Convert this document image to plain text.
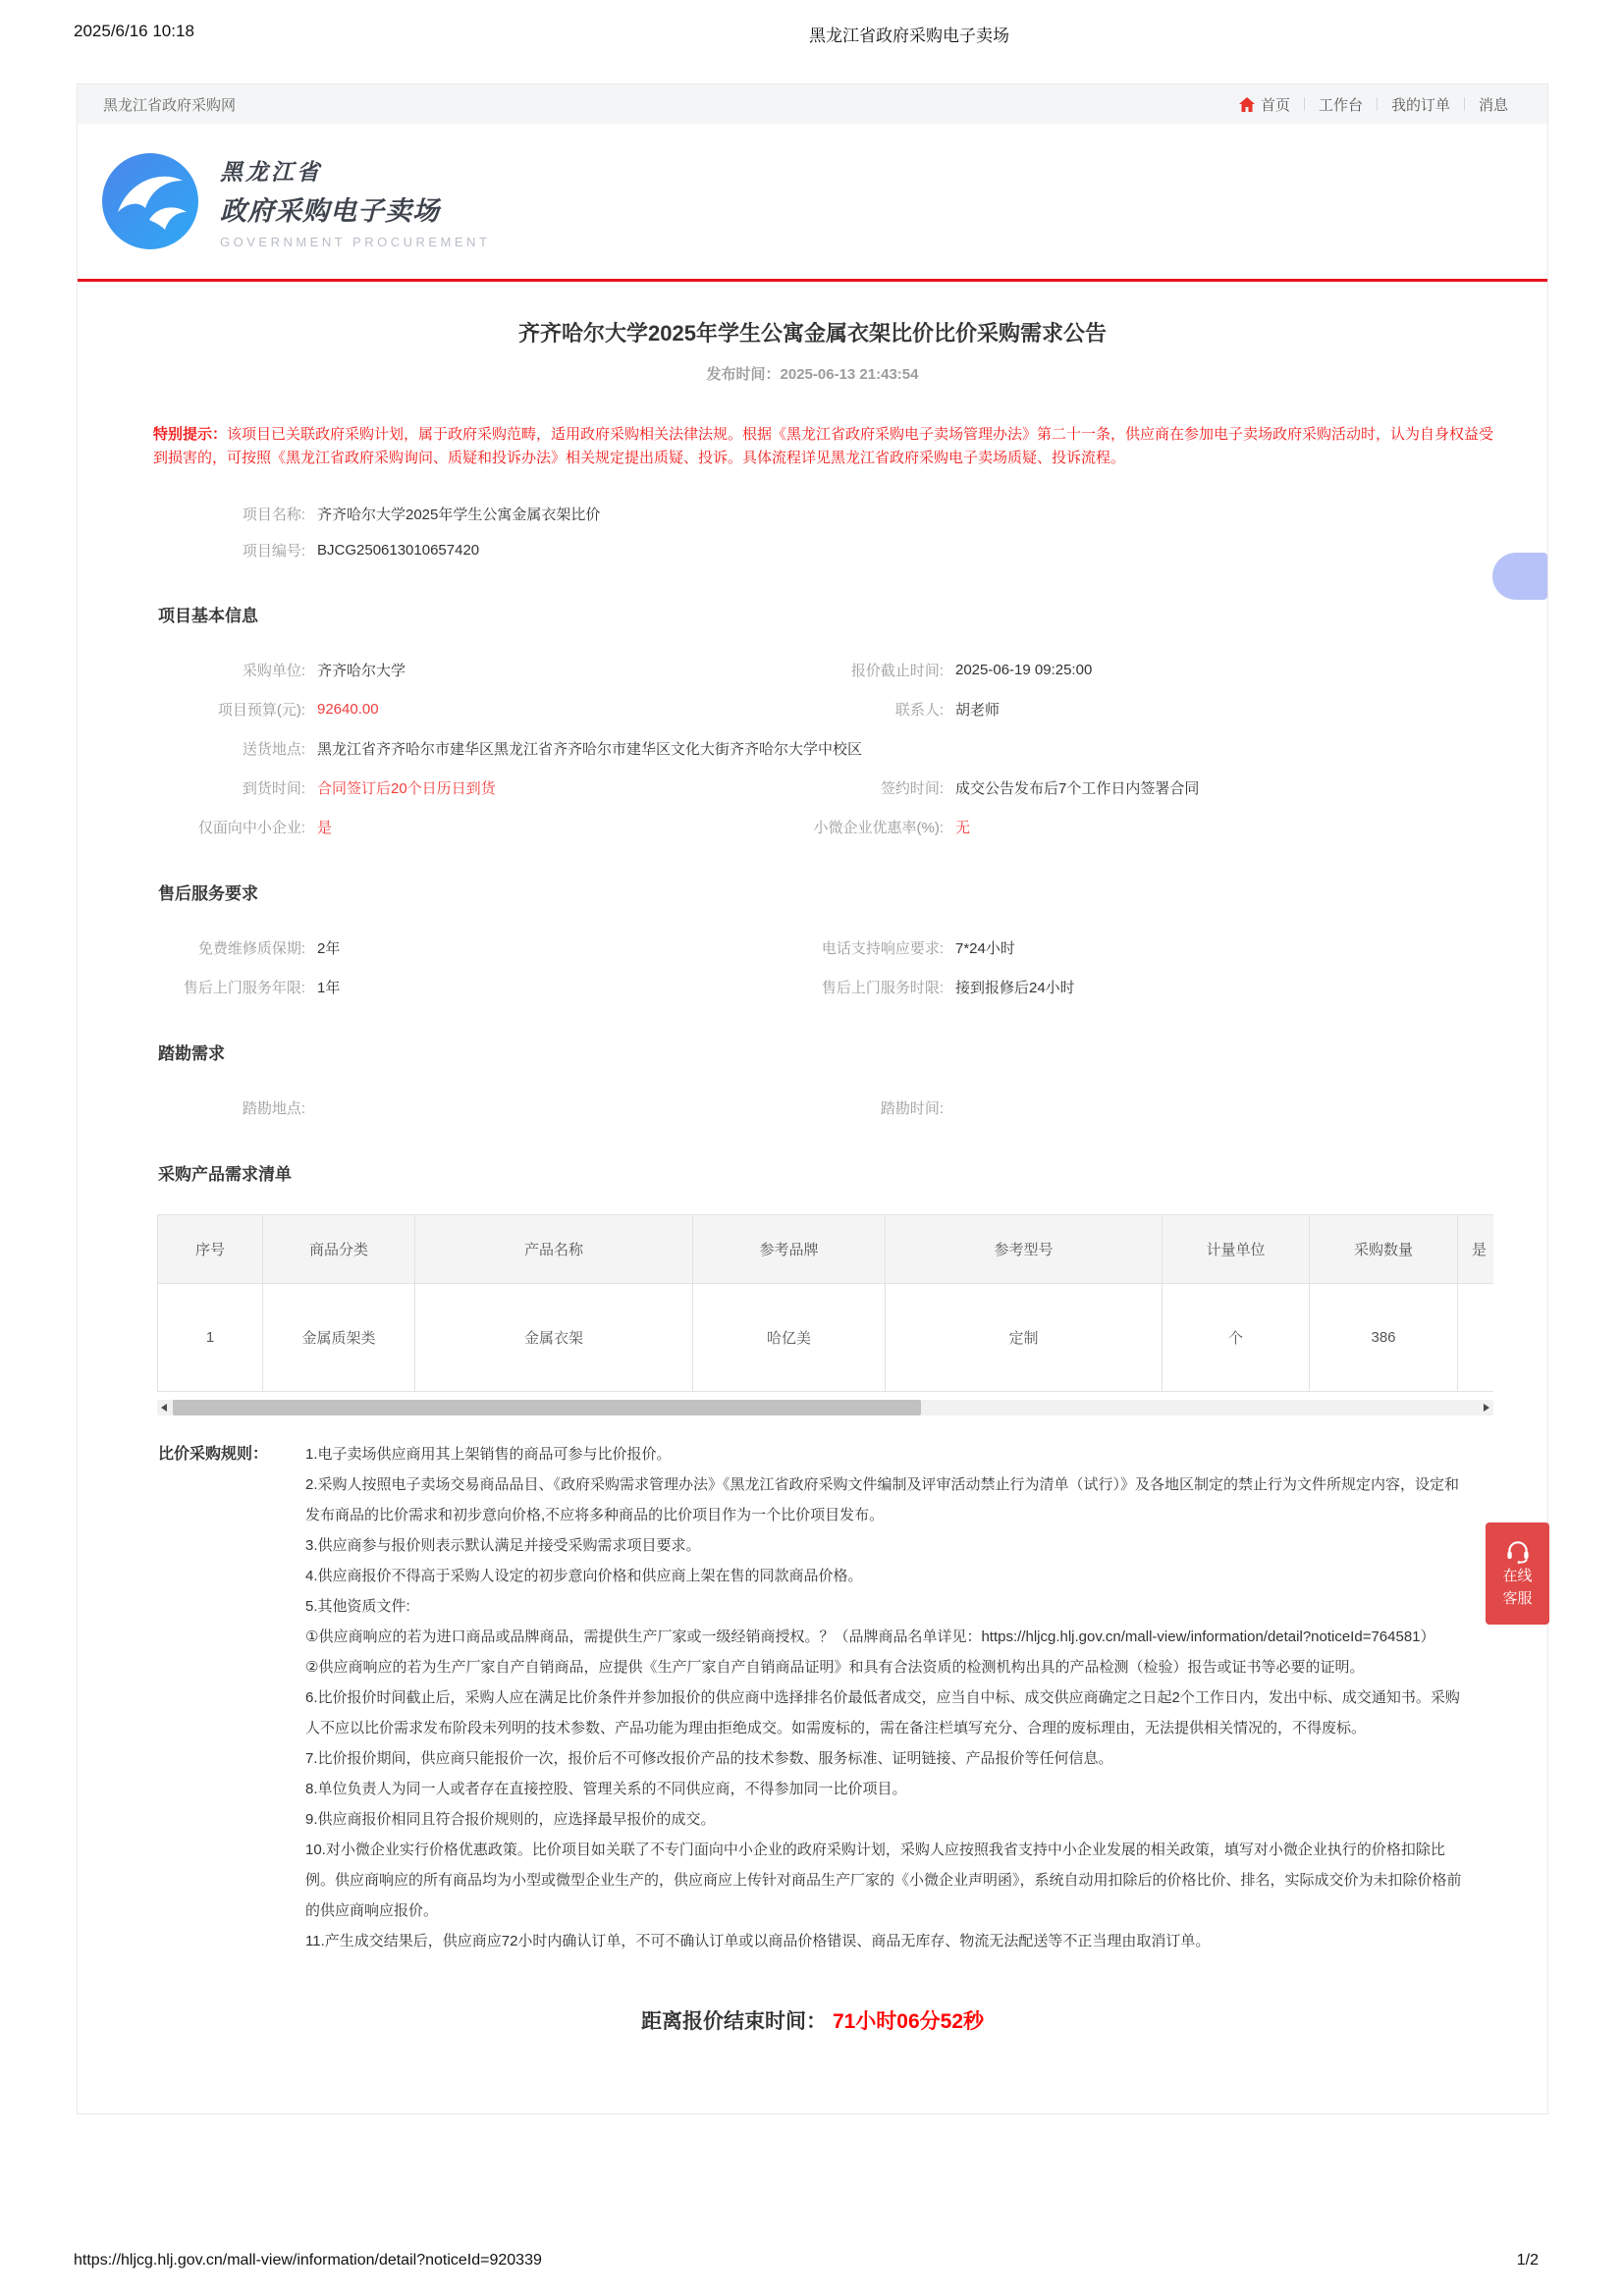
2025/6/16 10:18	黑龙江省政府采购电子卖场
黑龙江省政府采购网	首页	工作台	我的订单	消息
黑龙江省
政府采购电子卖场
GOVERNMENT PROCUREMENT
齐齐哈尔大学2025年学生公寓金属衣架比价比价采购需求公告
发布时间：2025-06-13 21:43:54

特别提示：该项目已关联政府采购计划，属于政府采购范畴，适用政府采购相关法律法规。根据《黑龙江省政府采购电子卖场管理办法》第二十一条，供应商在参加电子卖场政府采购活动时，认为自身权益受到损害的，可按照《黑龙江省政府采购询问、质疑和投诉办法》相关规定提出质疑、投诉。具体流程详见黑龙江省政府采购电子卖场质疑、投诉流程。

项目名称: 齐齐哈尔大学2025年学生公寓金属衣架比价
项目编号: BJCG250613010657420
项目基本信息
采购单位: 齐齐哈尔大学	报价截止时间: 2025-06-19 09:25:00
项目预算(元): 92640.00	联系人: 胡老师
送货地点: 黑龙江省齐齐哈尔市建华区黑龙江省齐齐哈尔市建华区文化大街齐齐哈尔大学中校区
到货时间: 合同签订后20个日历日到货	签约时间: 成交公告发布后7个工作日内签署合同
仅面向中小企业: 是	小微企业优惠率(%): 无
售后服务要求
免费维修质保期: 2年	电话支持响应要求: 7*24小时
售后上门服务年限: 1年	售后上门服务时限: 接到报修后24小时
踏勘需求
踏勘地点:	踏勘时间:
采购产品需求清单
序号	商品分类	产品名称	参考品牌	参考型号	计量单位	采购数量	是
1	金属质架类	金属衣架	哈亿美	定制	个	386	
比价采购规则：	1.电子卖场供应商用其上架销售的商品可参与比价报价。

2.采购人按照电子卖场交易商品品目、《政府采购需求管理办法》《黑龙江省政府采购文件编制及评审活动禁止行为清单（试行）》及各地区制定的禁止行为文件所规定内容，设定和发布商品的比价需求和初步意向价格,不应将多种商品的比价项目作为一个比价项目发布。

3.供应商参与报价则表示默认满足并接受采购需求项目要求。

4.供应商报价不得高于采购人设定的初步意向价格和供应商上架在售的同款商品价格。

5.其他资质文件:

①供应商响应的若为进口商品或品牌商品，需提供生产厂家或一级经销商授权。？（品牌商品名单详见：https://hljcg.hlj.gov.cn/mall-view/information/detail?noticeId=764581）

②供应商响应的若为生产厂家自产自销商品，应提供《生产厂家自产自销商品证明》和具有合法资质的检测机构出具的产品检测（检验）报告或证书等必要的证明。

6.比价报价时间截止后，采购人应在满足比价条件并参加报价的供应商中选择排名价最低者成交，应当自中标、成交供应商确定之日起2个工作日内，发出中标、成交通知书。采购人不应以比价需求发布阶段未列明的技术参数、产品功能为理由拒绝成交。如需废标的，需在备注栏填写充分、合理的废标理由，无法提供相关情况的，不得废标。

7.比价报价期间，供应商只能报价一次，报价后不可修改报价产品的技术参数、服务标准、证明链接、产品报价等任何信息。

8.单位负责人为同一人或者存在直接控股、管理关系的不同供应商，不得参加同一比价项目。

9.供应商报价相同且符合报价规则的，应选择最早报价的成交。

10.对小微企业实行价格优惠政策。比价项目如关联了不专门面向中小企业的政府采购计划，采购人应按照我省支持中小企业发展的相关政策，填写对小微企业执行的价格扣除比例。供应商响应的所有商品均为小型或微型企业生产的，供应商应上传针对商品生产厂家的《小微企业声明函》，系统自动用扣除后的价格比价、排名，实际成交价为未扣除价格前的供应商响应报价。

11.产生成交结果后，供应商应72小时内确认订单，不可不确认订单或以商品价格错误、商品无库存、物流无法配送等不正当理由取消订单。

距离报价结束时间： 71小时06分52秒
在线
客服
https://hljcg.hlj.gov.cn/mall-view/information/detail?noticeId=920339	1/2
